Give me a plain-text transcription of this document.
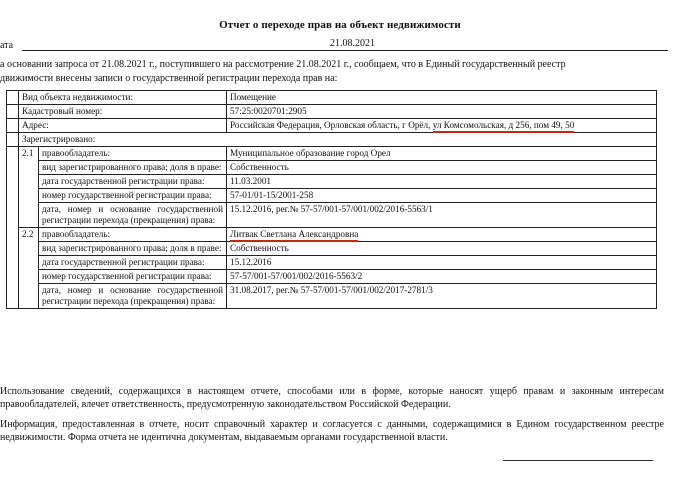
Отчет о переходе прав на объект недвижимости
ата	21.08.2021
а основании запроса от 21.08.2021 г., поступившего на рассмотрение 21.08.2021 г., сообщаем, что в Единый государственный реестр
движимости внесены записи о государственной регистрации перехода прав на:
	Вид объекта недвижимости:		Помещение
	Кадастровый номер:		57:25:0020701:2905
	Адрес:		Российская Федерация, Орловская область, г Орёл, ул Комсомольская, д 256, пом 49, 50
	Зарегистрировано:		
	2.1	правообладатель:	Муниципальное образование город Орел
		вид зарегистрированного права; доля в праве:	Собственность
		дата государственной регистрации права:	11.03.2001
		номер государственной регистрации права:	57-01/01-15/2001-258
		дата, номер и основание государственной регистрации перехода (прекращения) права:	15.12.2016, рег.№ 57-57/001-57/001/002/2016-5563/1
	2.2	правообладатель:	Литвак Светлана Александровна
		вид зарегистрированного права; доля в праве:	Собственность
		дата государственной регистрации права:	15.12.2016
		номер государственной регистрации права:	57-57/001-57/001/002/2016-5563/2
		дата, номер и основание государственной регистрации перехода (прекращения) права:	31.08.2017, рег.№ 57-57/001-57/001/002/2017-2781/3
Использование сведений, содержащихся в настоящем отчете, способами или в форме, которые наносят ущерб правам и законным интересам правообладателей, влечет ответственность, предусмотренную законодательством Российской Федерации.
Информация, предоставленная в отчете, носит справочный характер и согласуется с данными, содержащимися в Едином государственном реестре недвижимости. Форма отчета не идентична документам, выдаваемым органами государственной власти.
